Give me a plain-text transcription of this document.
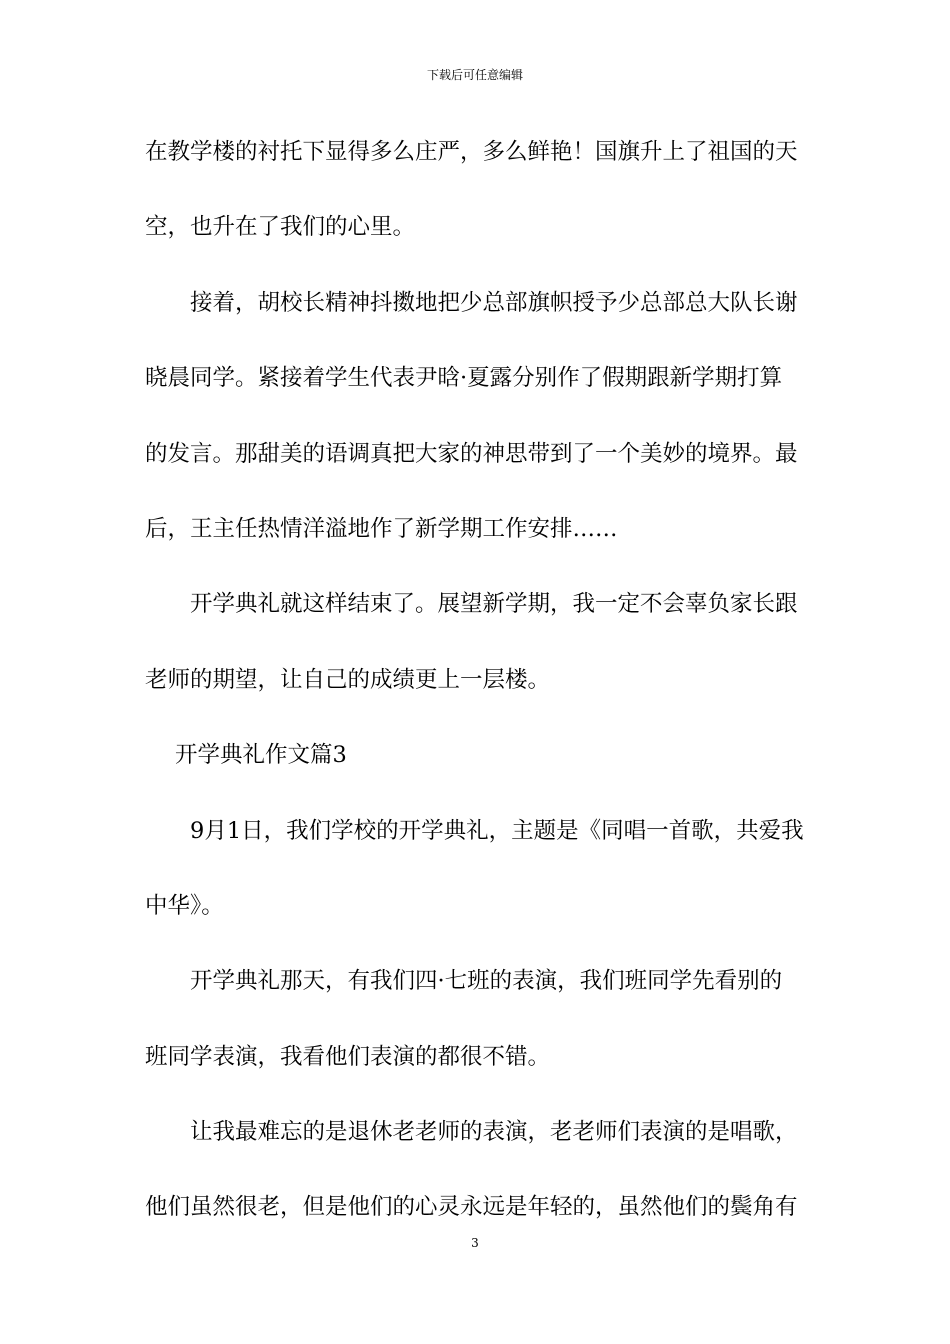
下载后可任意编辑
在教学楼的衬托下显得多么庄严，多么鲜艳！国旗升上了祖国的天
空，也升在了我们的心里。
接着，胡校长精神抖擞地把少总部旗帜授予少总部总大队长谢
晓晨同学。紧接着学生代表尹晗·夏露分别作了假期跟新学期打算
的发言。那甜美的语调真把大家的神思带到了一个美妙的境界。最
后，王主任热情洋溢地作了新学期工作安排……
开学典礼就这样结束了。展望新学期，我一定不会辜负家长跟
老师的期望，让自己的成绩更上一层楼。
开学典礼作文篇3
9月1日，我们学校的开学典礼，主题是《同唱一首歌，共爱我
中华》。
开学典礼那天，有我们四·七班的表演，我们班同学先看别的
班同学表演，我看他们表演的都很不错。
让我最难忘的是退休老老师的表演，老老师们表演的是唱歌，
他们虽然很老，但是他们的心灵永远是年轻的，虽然他们的鬓角有
3
